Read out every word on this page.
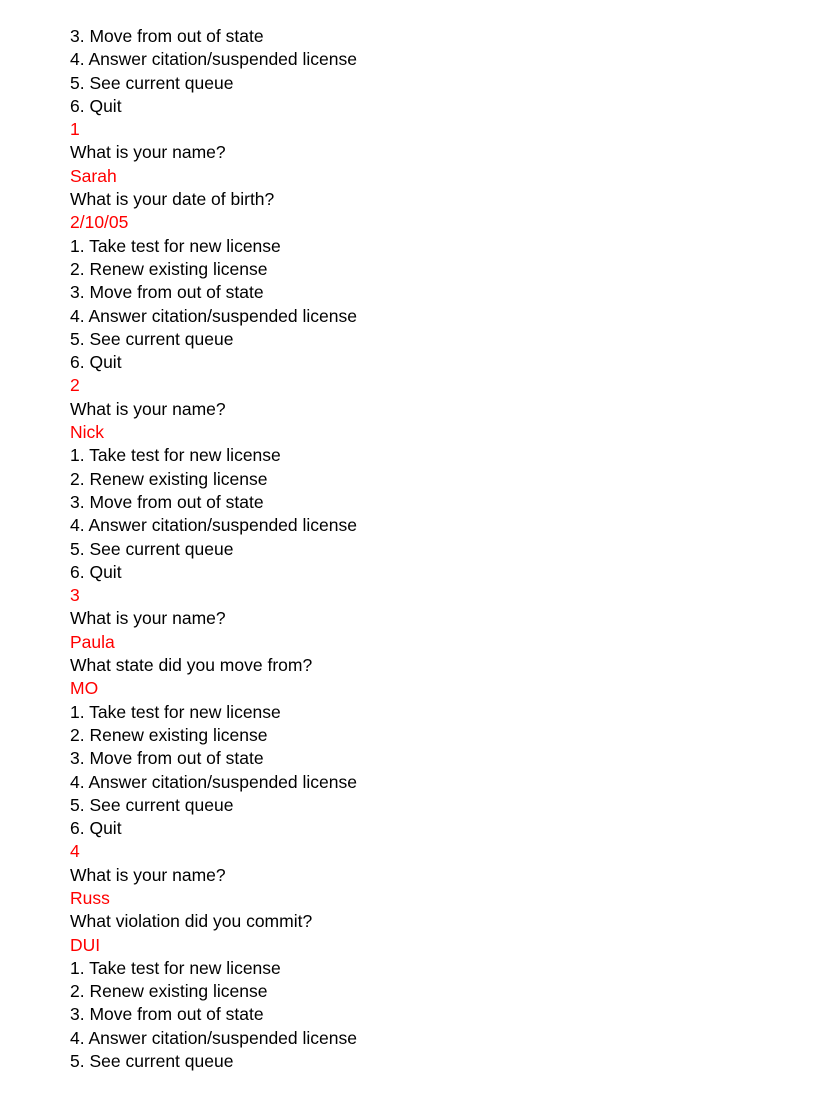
3. Move from out of state
4. Answer citation/suspended license
5. See current queue
6. Quit
1
What is your name?
Sarah
What is your date of birth?
2/10/05
1. Take test for new license
2. Renew existing license
3. Move from out of state
4. Answer citation/suspended license
5. See current queue
6. Quit
2
What is your name?
Nick
1. Take test for new license
2. Renew existing license
3. Move from out of state
4. Answer citation/suspended license
5. See current queue
6. Quit
3
What is your name?
Paula
What state did you move from?
MO
1. Take test for new license
2. Renew existing license
3. Move from out of state
4. Answer citation/suspended license
5. See current queue
6. Quit
4
What is your name?
Russ
What violation did you commit?
DUI
1. Take test for new license
2. Renew existing license
3. Move from out of state
4. Answer citation/suspended license
5. See current queue
